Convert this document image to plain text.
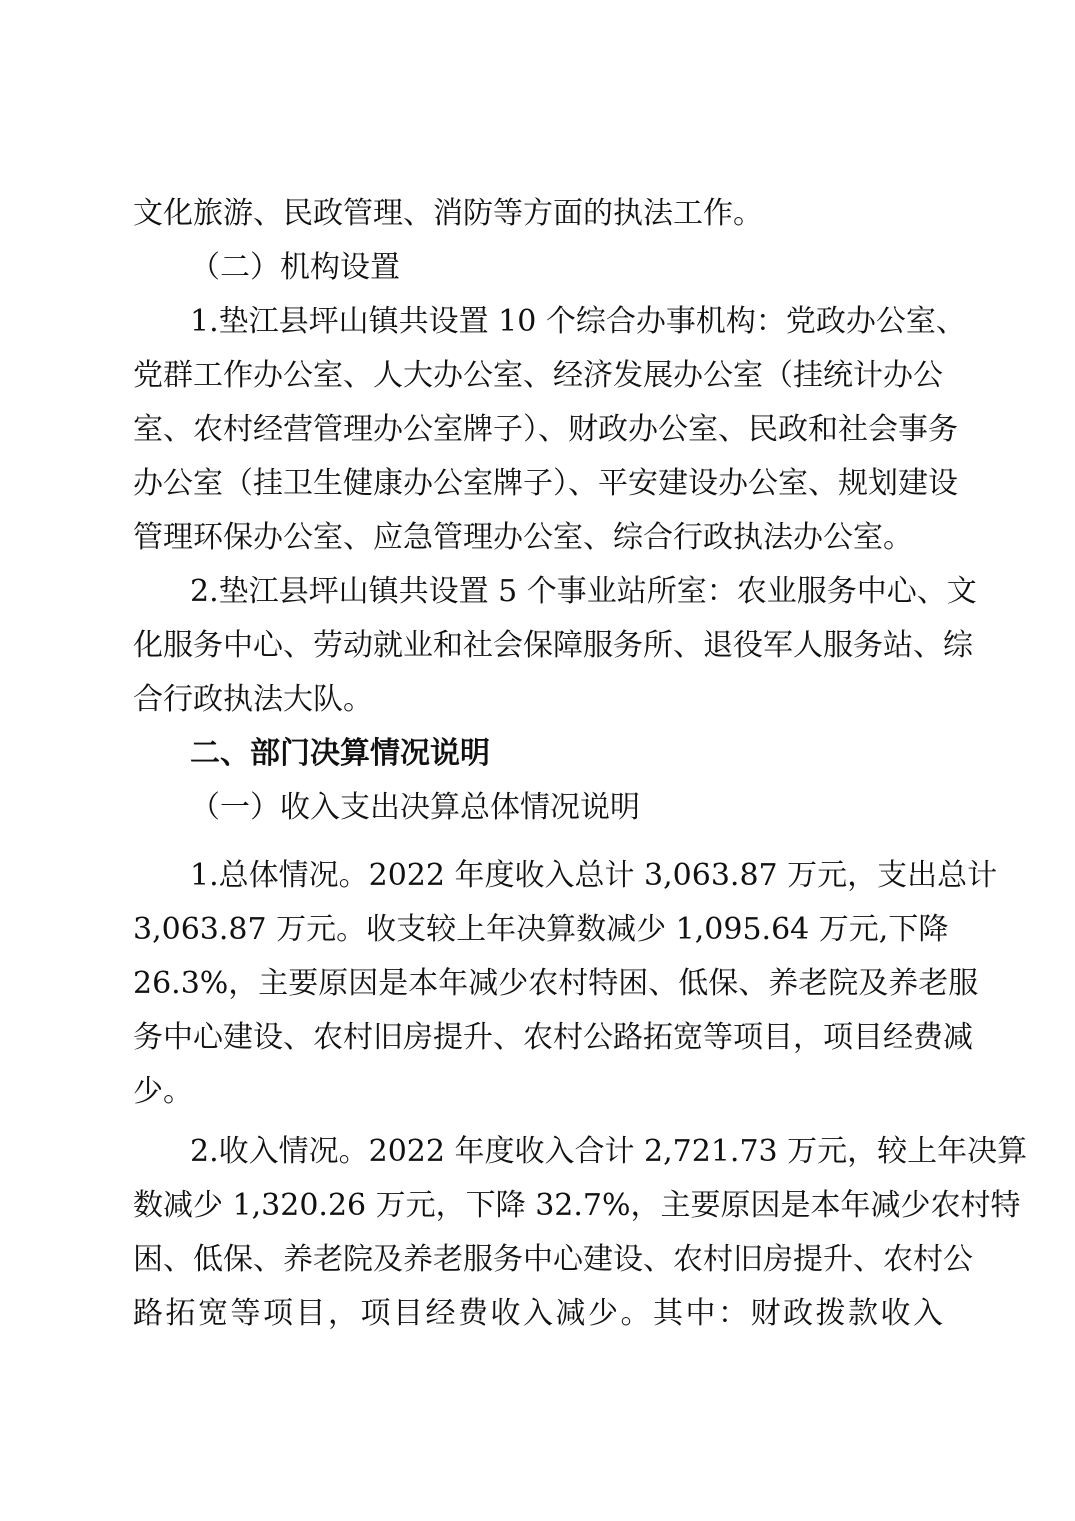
文化旅游、民政管理、消防等方面的执法工作。
（二）机构设置
1.垫江县坪山镇共设置 10 个综合办事机构：党政办公室、
党群工作办公室、人大办公室、经济发展办公室（挂统计办公
室、农村经营管理办公室牌子）、财政办公室、民政和社会事务
办公室（挂卫生健康办公室牌子）、平安建设办公室、规划建设
管理环保办公室、应急管理办公室、综合行政执法办公室。
2.垫江县坪山镇共设置 5 个事业站所室：农业服务中心、文
化服务中心、劳动就业和社会保障服务所、退役军人服务站、综
合行政执法大队。
二、部门决算情况说明
（一）收入支出决算总体情况说明
1.总体情况。2022 年度收入总计 3,063.87 万元，支出总计
3,063.87 万元。收支较上年决算数减少 1,095.64 万元,下降
26.3%，主要原因是本年减少农村特困、低保、养老院及养老服
务中心建设、农村旧房提升、农村公路拓宽等项目，项目经费减
少。
2.收入情况。2022 年度收入合计 2,721.73 万元，较上年决算
数减少 1,320.26 万元，下降 32.7%，主要原因是本年减少农村特
困、低保、养老院及养老服务中心建设、农村旧房提升、农村公
路拓宽等项目，项目经费收入减少。其中：财政拨款收入
